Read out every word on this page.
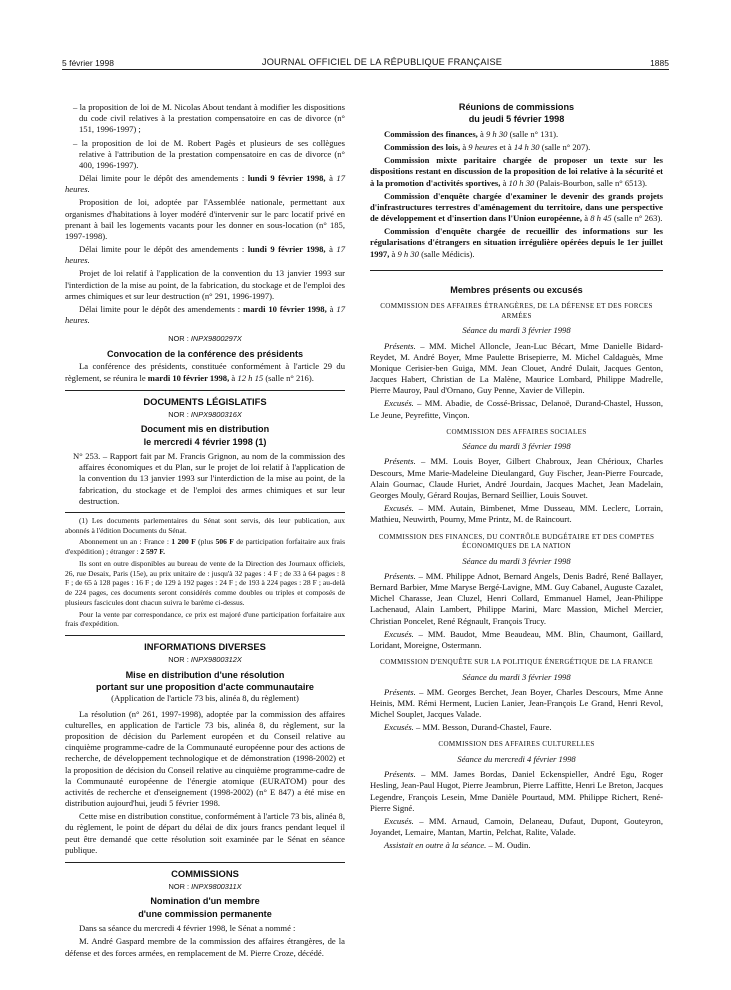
5 février 1998	JOURNAL OFFICIEL DE LA RÉPUBLIQUE FRANÇAISE	1885

– la proposition de loi de M. Nicolas About tendant à modifier les dispositions du code civil relatives à la prestation compensatoire en cas de divorce (n° 151, 1996-1997) ;

– la proposition de loi de M. Robert Pagès et plusieurs de ses collègues relative à l'attribution de la prestation compensatoire en cas de divorce (n° 400, 1996-1997).

Délai limite pour le dépôt des amendements : lundi 9 février 1998, à 17 heures.

Proposition de loi, adoptée par l'Assemblée nationale, permettant aux organismes d'habitations à loyer modéré d'intervenir sur le parc locatif privé en prenant à bail les logements vacants pour les donner en sous-location (n° 185, 1997-1998).

Délai limite pour le dépôt des amendements : lundi 9 février 1998, à 17 heures.

Projet de loi relatif à l'application de la convention du 13 janvier 1993 sur l'interdiction de la mise au point, de la fabrication, du stockage et de l'emploi des armes chimiques et sur leur destruction (n° 291, 1996-1997).

Délai limite pour le dépôt des amendements : mardi 10 février 1998, à 17 heures.

NOR : INPX9800297X
Convocation de la conférence des présidents

La conférence des présidents, constituée conformément à l'article 29 du règlement, se réunira le mardi 10 février 1998, à 12 h 15 (salle n° 216).

DOCUMENTS LÉGISLATIFS
NOR : INPX9800316X
Document mis en distribution
le mercredi 4 février 1998 (1)

N° 253. – Rapport fait par M. Francis Grignon, au nom de la commission des affaires économiques et du Plan, sur le projet de loi relatif à l'application de la convention du 13 janvier 1993 sur l'interdiction de la mise au point, de la fabrication, du stockage et de l'emploi des armes chimiques et sur leur destruction.

(1) Les documents parlementaires du Sénat sont servis, dès leur publication, aux abonnés à l'édition Documents du Sénat.

Abonnement un an : France : 1 200 F (plus 506 F de participation forfaitaire aux frais d'expédition) ; étranger : 2 597 F.

Ils sont en outre disponibles au bureau de vente de la Direction des Journaux officiels, 26, rue Desaix, Paris (15e), au prix unitaire de : jusqu'à 32 pages : 4 F ; de 33 à 64 pages : 8 F ; de 65 à 128 pages : 16 F ; de 129 à 192 pages : 24 F ; de 193 à 224 pages : 28 F ; au-delà de 224 pages, ces documents seront considérés comme doubles ou triples et composés de plusieurs fascicules dont chacun suivra le barème ci-dessus.

Pour la vente par correspondance, ce prix est majoré d'une participation forfaitaire aux frais d'expédition.

INFORMATIONS DIVERSES
NOR : INPX9800312X
Mise en distribution d'une résolution
portant sur une proposition d'acte communautaire
(Application de l'article 73 bis, alinéa 8, du règlement)

La résolution (n° 261, 1997-1998), adoptée par la commission des affaires culturelles, en application de l'article 73 bis, alinéa 8, du règlement, sur la proposition de décision du Parlement européen et du Conseil relative au cinquième programme-cadre de la Communauté européenne pour des actions de recherche, de développement technologique et de démonstration (1998-2002) et la proposition de décision du Conseil relative au cinquième programme-cadre de la Communauté européenne de l'énergie atomique (EURATOM) pour des activités de recherche et d'enseignement (1998-2002) (n° E 847) a été mise en distribution aujourd'hui, jeudi 5 février 1998.

Cette mise en distribution constitue, conformément à l'article 73 bis, alinéa 8, du règlement, le point de départ du délai de dix jours francs pendant lequel il peut être demandé que cette résolution soit examinée par le Sénat en séance publique.

COMMISSIONS
NOR : INPX9800311X
Nomination d'un membre
d'une commission permanente

Dans sa séance du mercredi 4 février 1998, le Sénat a nommé :

M. André Gaspard membre de la commission des affaires étrangères, de la défense et des forces armées, en remplacement de M. Pierre Croze, décédé.

Réunions de commissions
du jeudi 5 février 1998

Commission des finances, à 9 h 30 (salle n° 131).

Commission des lois, à 9 heures et à 14 h 30 (salle n° 207).

Commission mixte paritaire chargée de proposer un texte sur les dispositions restant en discussion de la proposition de loi relative à la sécurité et à la promotion d'activités sportives, à 10 h 30 (Palais-Bourbon, salle n° 6513).

Commission d'enquête chargée d'examiner le devenir des grands projets d'infrastructures terrestres d'aménagement du territoire, dans une perspective de développement et d'insertion dans l'Union européenne, à 8 h 45 (salle n° 263).

Commission d'enquête chargée de recueillir des informations sur les régularisations d'étrangers en situation irrégulière opérées depuis le 1er juillet 1997, à 9 h 30 (salle Médicis).

Membres présents ou excusés
COMMISSION DES AFFAIRES ÉTRANGÈRES, DE LA DÉFENSE ET DES FORCES ARMÉES
Séance du mardi 3 février 1998

Présents. – MM. Michel Alloncle, Jean-Luc Bécart, Mme Danielle Bidard-Reydet, M. André Boyer, Mme Paulette Brisepierre, M. Michel Caldaguès, Mme Monique Cerisier-ben Guiga, MM. Jean Clouet, André Dulait, Jacques Genton, Jacques Habert, Christian de La Malène, Maurice Lombard, Philippe Madrelle, Pierre Mauroy, Paul d'Ornano, Guy Penne, Xavier de Villepin.

Excusés. – MM. Abadie, de Cossé-Brissac, Delanoë, Durand-Chastel, Husson, Le Jeune, Peyrefitte, Vinçon.

COMMISSION DES AFFAIRES SOCIALES
Séance du mardi 3 février 1998

Présents. – MM. Louis Boyer, Gilbert Chabroux, Jean Chérioux, Charles Descours, Mme Marie-Madeleine Dieulangard, Guy Fischer, Jean-Pierre Fourcade, Alain Gournac, Claude Huriet, André Jourdain, Jacques Machet, Jean Madelain, Georges Mouly, Gérard Roujas, Bernard Seillier, Louis Souvet.

Excusés. – MM. Autain, Bimbenet, Mme Dusseau, MM. Leclerc, Lorrain, Mathieu, Neuwirth, Pourny, Mme Printz, M. de Raincourt.

COMMISSION DES FINANCES, DU CONTRÔLE BUDGÉTAIRE ET DES COMPTES ÉCONOMIQUES DE LA NATION
Séance du mardi 3 février 1998

Présents. – MM. Philippe Adnot, Bernard Angels, Denis Badré, René Ballayer, Bernard Barbier, Mme Maryse Bergé-Lavigne, MM. Guy Cabanel, Auguste Cazalet, Michel Charasse, Jean Cluzel, Henri Collard, Emmanuel Hamel, Jean-Philippe Lachenaud, Alain Lambert, Philippe Marini, Marc Massion, Michel Mercier, Christian Poncelet, René Régnault, François Trucy.

Excusés. – MM. Baudot, Mme Beaudeau, MM. Blin, Chaumont, Gaillard, Loridant, Moreigne, Ostermann.

COMMISSION D'ENQUÊTE SUR LA POLITIQUE ÉNERGÉTIQUE DE LA FRANCE
Séance du mardi 3 février 1998

Présents. – MM. Georges Berchet, Jean Boyer, Charles Descours, Mme Anne Heinis, MM. Rémi Herment, Lucien Lanier, Jean-François Le Grand, Henri Revol, Michel Souplet, Jacques Valade.

Excusés. – MM. Besson, Durand-Chastel, Faure.

COMMISSION DES AFFAIRES CULTURELLES
Séance du mercredi 4 février 1998

Présents. – MM. James Bordas, Daniel Eckenspieller, André Egu, Roger Hesling, Jean-Paul Hugot, Pierre Jeambrun, Pierre Laffitte, Henri Le Breton, Jacques Legendre, François Lesein, Mme Danièle Pourtaud, MM. Philippe Richert, René-Pierre Signé.

Excusés. – MM. Arnaud, Camoin, Delaneau, Dufaut, Dupont, Gouteyron, Joyandet, Lemaire, Mantan, Martin, Pelchat, Ralite, Valade.

Assistait en outre à la séance. – M. Oudin.
